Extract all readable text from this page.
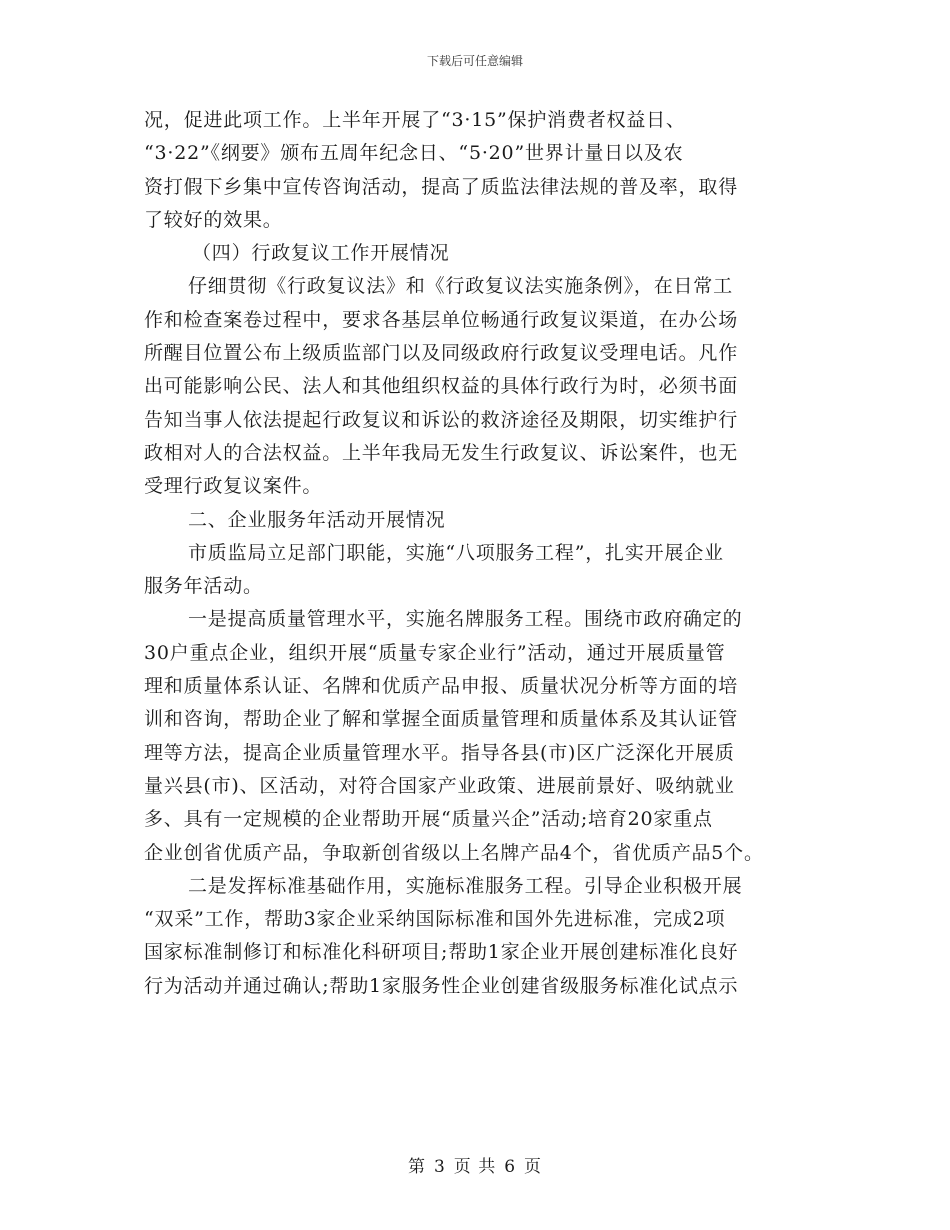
下载后可任意编辑
况，促进此项工作。上半年开展了“3·15”保护消费者权益日、
“3·22”《纲要》颁布五周年纪念日、“5·20”世界计量日以及农
资打假下乡集中宣传咨询活动，提高了质监法律法规的普及率，取得
了较好的效果。
（四）行政复议工作开展情况
仔细贯彻《行政复议法》和《行政复议法实施条例》，在日常工
作和检查案卷过程中，要求各基层单位畅通行政复议渠道，在办公场
所醒目位置公布上级质监部门以及同级政府行政复议受理电话。凡作
出可能影响公民、法人和其他组织权益的具体行政行为时，必须书面
告知当事人依法提起行政复议和诉讼的救济途径及期限，切实维护行
政相对人的合法权益。上半年我局无发生行政复议、诉讼案件，也无
受理行政复议案件。
二、企业服务年活动开展情况
市质监局立足部门职能，实施“八项服务工程”，扎实开展企业
服务年活动。
一是提高质量管理水平，实施名牌服务工程。围绕市政府确定的
30户重点企业，组织开展“质量专家企业行”活动，通过开展质量管
理和质量体系认证、名牌和优质产品申报、质量状况分析等方面的培
训和咨询，帮助企业了解和掌握全面质量管理和质量体系及其认证管
理等方法，提高企业质量管理水平。指导各县(市)区广泛深化开展质
量兴县(市)、区活动，对符合国家产业政策、进展前景好、吸纳就业
多、具有一定规模的企业帮助开展“质量兴企”活动;培育20家重点
企业创省优质产品，争取新创省级以上名牌产品4个，省优质产品5个。
二是发挥标准基础作用，实施标准服务工程。引导企业积极开展
“双采”工作，帮助3家企业采纳国际标准和国外先进标准，完成2项
国家标准制修订和标准化科研项目;帮助1家企业开展创建标准化良好
行为活动并通过确认;帮助1家服务性企业创建省级服务标准化试点示
第 3 页 共 6 页
